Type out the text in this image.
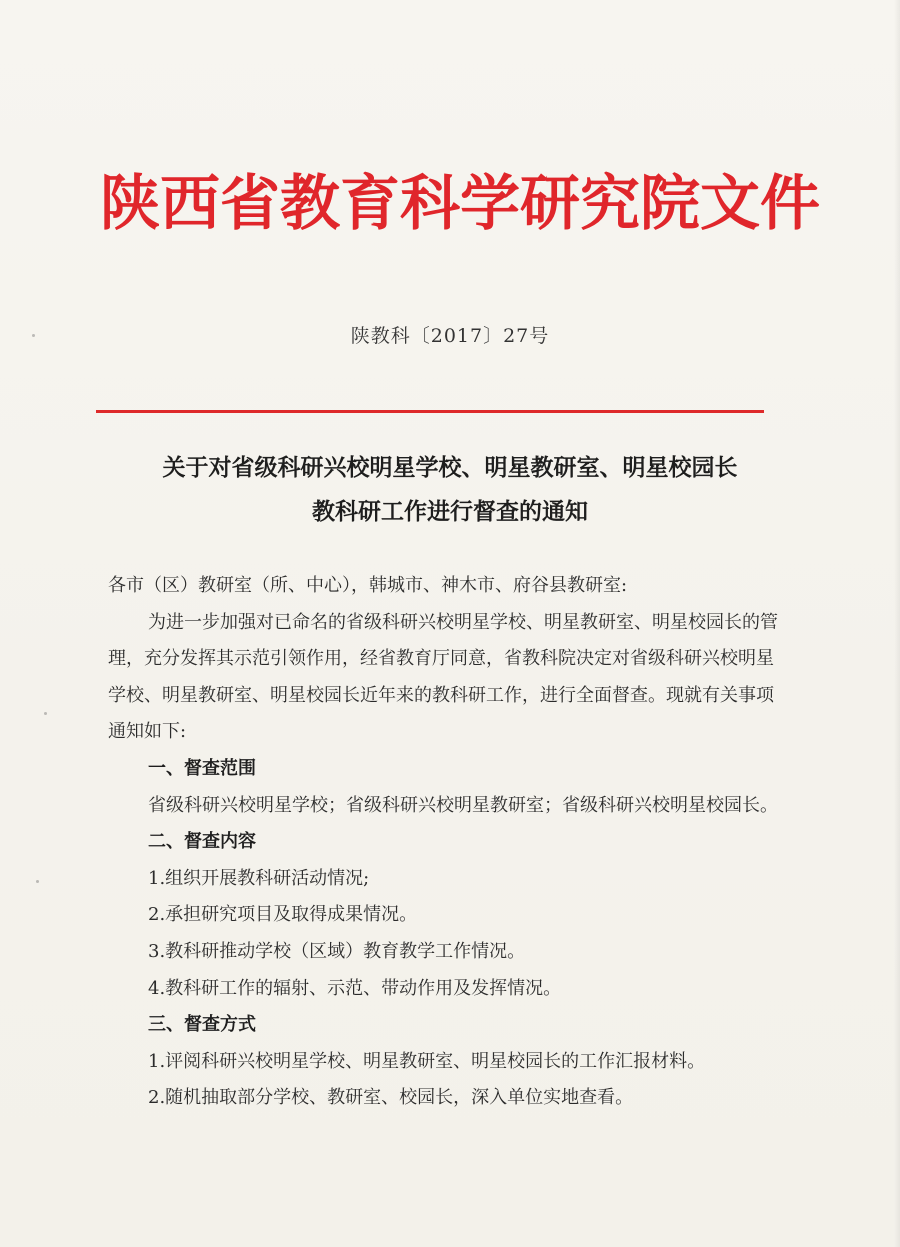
陕西省教育科学研究院文件
陕教科〔2017〕27号
关于对省级科研兴校明星学校、明星教研室、明星校园长
教科研工作进行督查的通知

各市（区）教研室（所、中心），韩城市、神木市、府谷县教研室:

为进一步加强对已命名的省级科研兴校明星学校、明星教研室、明星校园长的管理，充分发挥其示范引领作用，经省教育厅同意，省教科院决定对省级科研兴校明星学校、明星教研室、明星校园长近年来的教科研工作，进行全面督查。现就有关事项通知如下:

一、督查范围

省级科研兴校明星学校；省级科研兴校明星教研室；省级科研兴校明星校园长。

二、督查内容

1.组织开展教科研活动情况;

2.承担研究项目及取得成果情况。

3.教科研推动学校（区域）教育教学工作情况。

4.教科研工作的辐射、示范、带动作用及发挥情况。

三、督查方式

1.评阅科研兴校明星学校、明星教研室、明星校园长的工作汇报材料。

2.随机抽取部分学校、教研室、校园长，深入单位实地查看。
